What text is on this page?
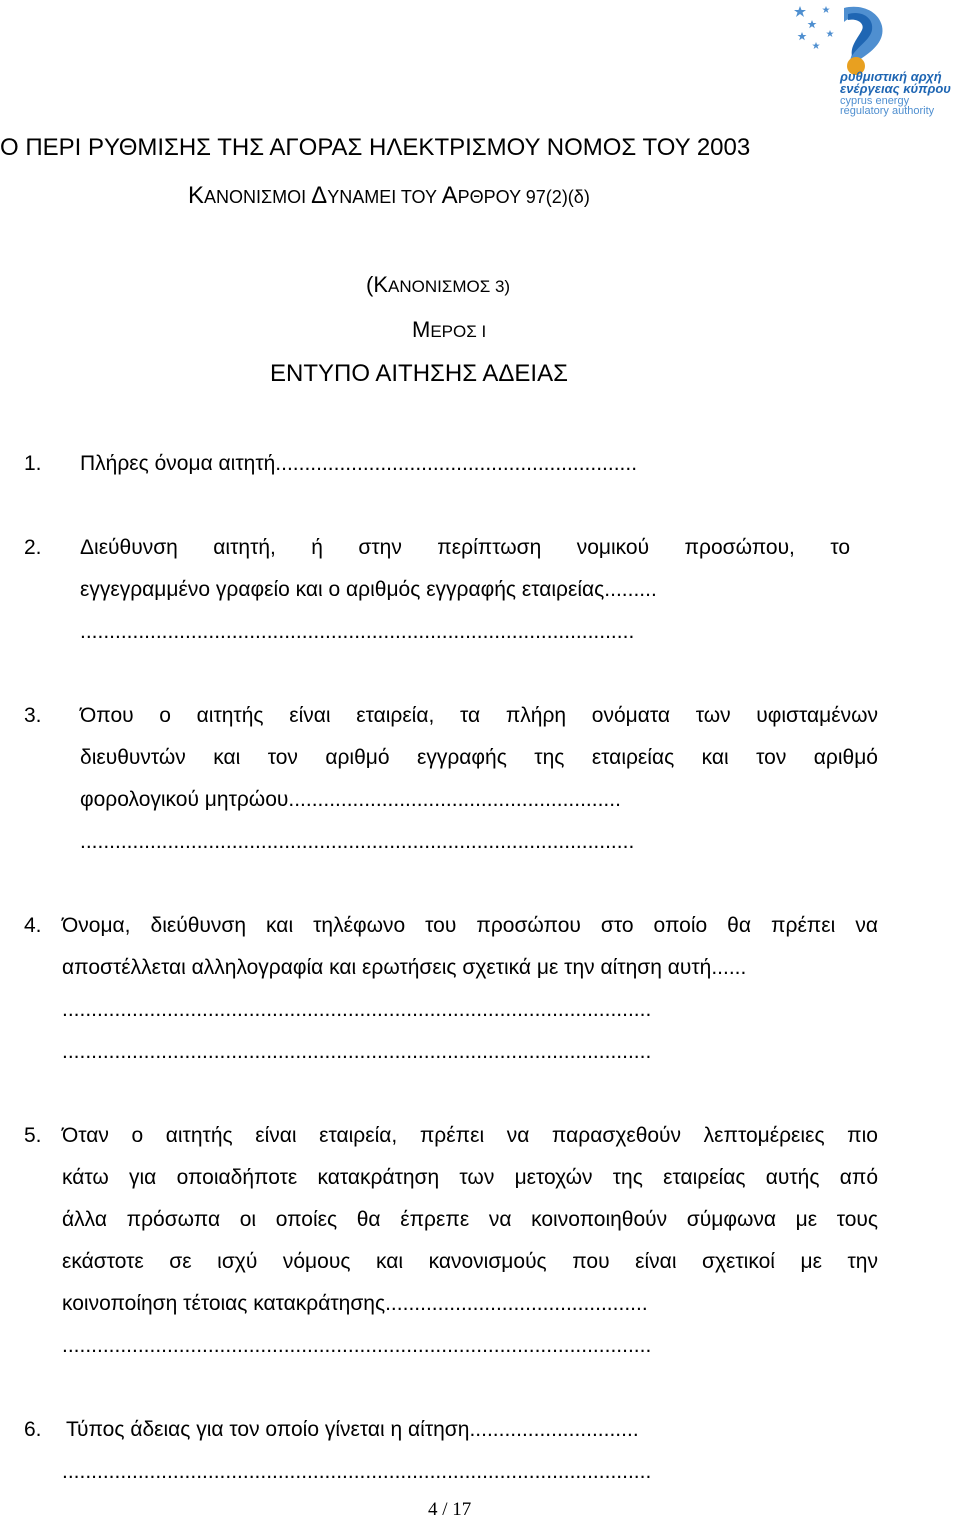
ρυθμιστική αρχή
ενέργειας κύπρου
cyprus energy
regulatory authority
Ο ΠΕΡΙ ΡΥΘΜΙΣΗΣ ΤΗΣ ΑΓΟΡΑΣ ΗΛΕΚΤΡΙΣΜΟΥ ΝΟΜΟΣ ΤΟΥ 2003
ΚΑΝΟΝΙΣΜΟΙ ΔΥΝΑΜΕΙ ΤΟΥ ΑΡΘΡΟΥ 97(2)(δ)
(ΚΑΝΟΝΙΣΜΟΣ 3)
ΜΕΡΟΣ Ι
ΕΝΤΥΠΟ ΑΙΤΗΣΗΣ ΑΔΕΙΑΣ
1. Πλήρες όνομα αιτητή..............................................................
2. Διεύθυνση αιτητή, ή στην περίπτωση νομικού προσώπου, το
εγγεγραμμένο γραφείο και ο αριθμός εγγραφής εταιρείας.........
...............................................................................................
3. Όπου ο αιτητής είναι εταιρεία, τα πλήρη ονόματα των υφισταμένων
διευθυντών και τον αριθμό εγγραφής της εταιρείας και τον αριθμό
φορολογικού μητρώου.........................................................
...............................................................................................
4. Όνομα, διεύθυνση και τηλέφωνο του προσώπου στο οποίο θα πρέπει να
αποστέλλεται αλληλογραφία και ερωτήσεις σχετικά με την αίτηση αυτή......
.....................................................................................................
.....................................................................................................
5. Όταν ο αιτητής είναι εταιρεία, πρέπει να παρασχεθούν λεπτομέρειες πιο
κάτω για οποιαδήποτε κατακράτηση των μετοχών της εταιρείας αυτής από
άλλα πρόσωπα οι οποίες θα έπρεπε να κοινοποιηθούν σύμφωνα με τους
εκάστοτε σε ισχύ νόμους και κανονισμούς που είναι σχετικοί με την
κοινοποίηση τέτοιας κατακράτησης.............................................
.....................................................................................................
6. Τύπος άδειας για τον οποίο γίνεται η αίτηση.............................
.....................................................................................................
4 / 17
